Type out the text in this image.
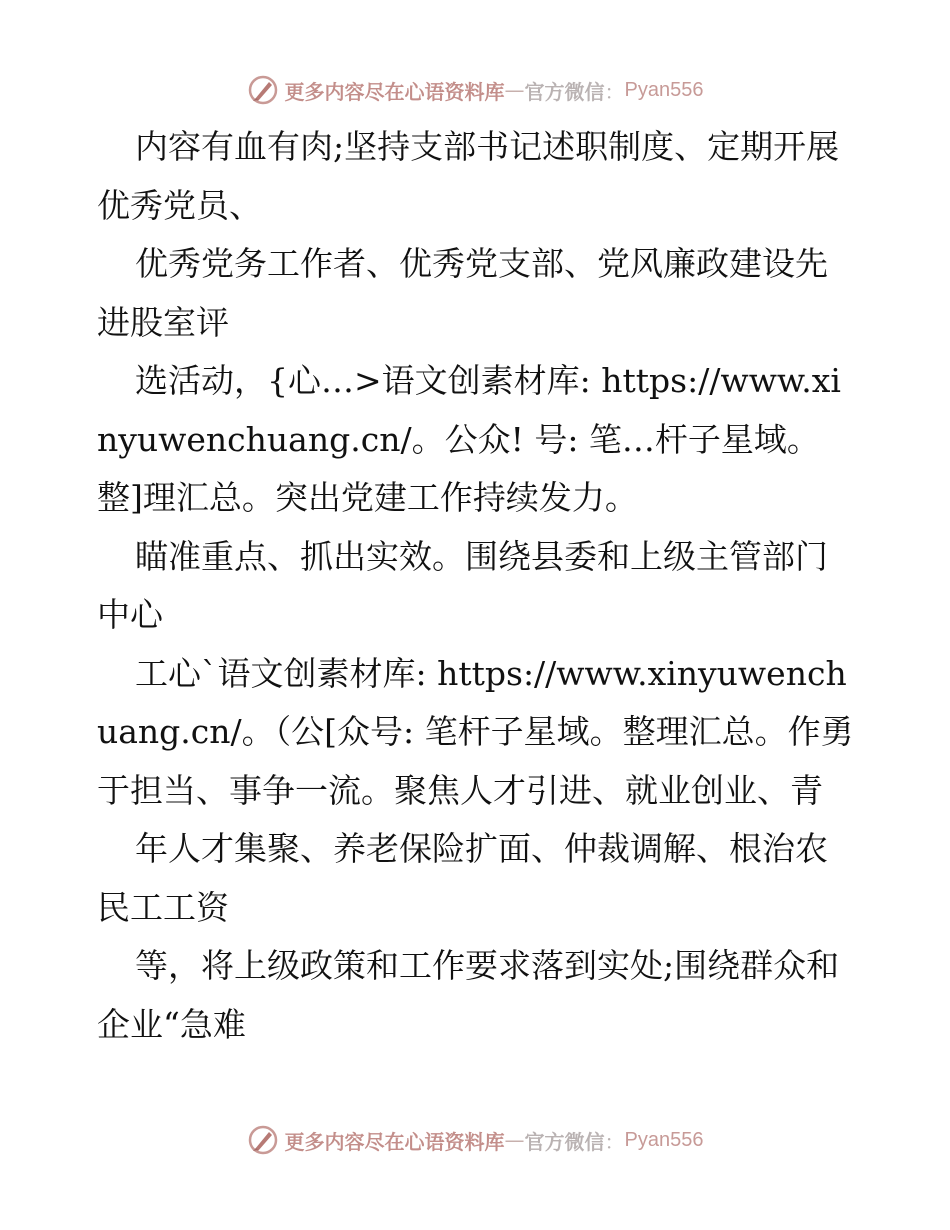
更多内容尽在心语资料库 — 官方微信 ： Pyan556

内容有血有肉;坚持支部书记述职制度、定期开展优秀党员、

优秀党务工作者、优秀党支部、党风廉政建设先进股室评

选活动，{心…>语文创素材库: https://www.xinyuwenchuang.cn/。公众! 号: 笔…杆子星域。整]理汇总。突出党建工作持续发力。

瞄准重点、抓出实效。围绕县委和上级主管部门中心

工心`语文创素材库: https://www.xinyuwenchuang.cn/。（公[众号: 笔杆子星域。整理汇总。作勇于担当、事争一流。聚焦人才引进、就业创业、青

年人才集聚、养老保险扩面、仲裁调解、根治农民工工资

等，将上级政策和工作要求落到实处;围绕群众和企业“急难

更多内容尽在心语资料库 — 官方微信 ： Pyan556
